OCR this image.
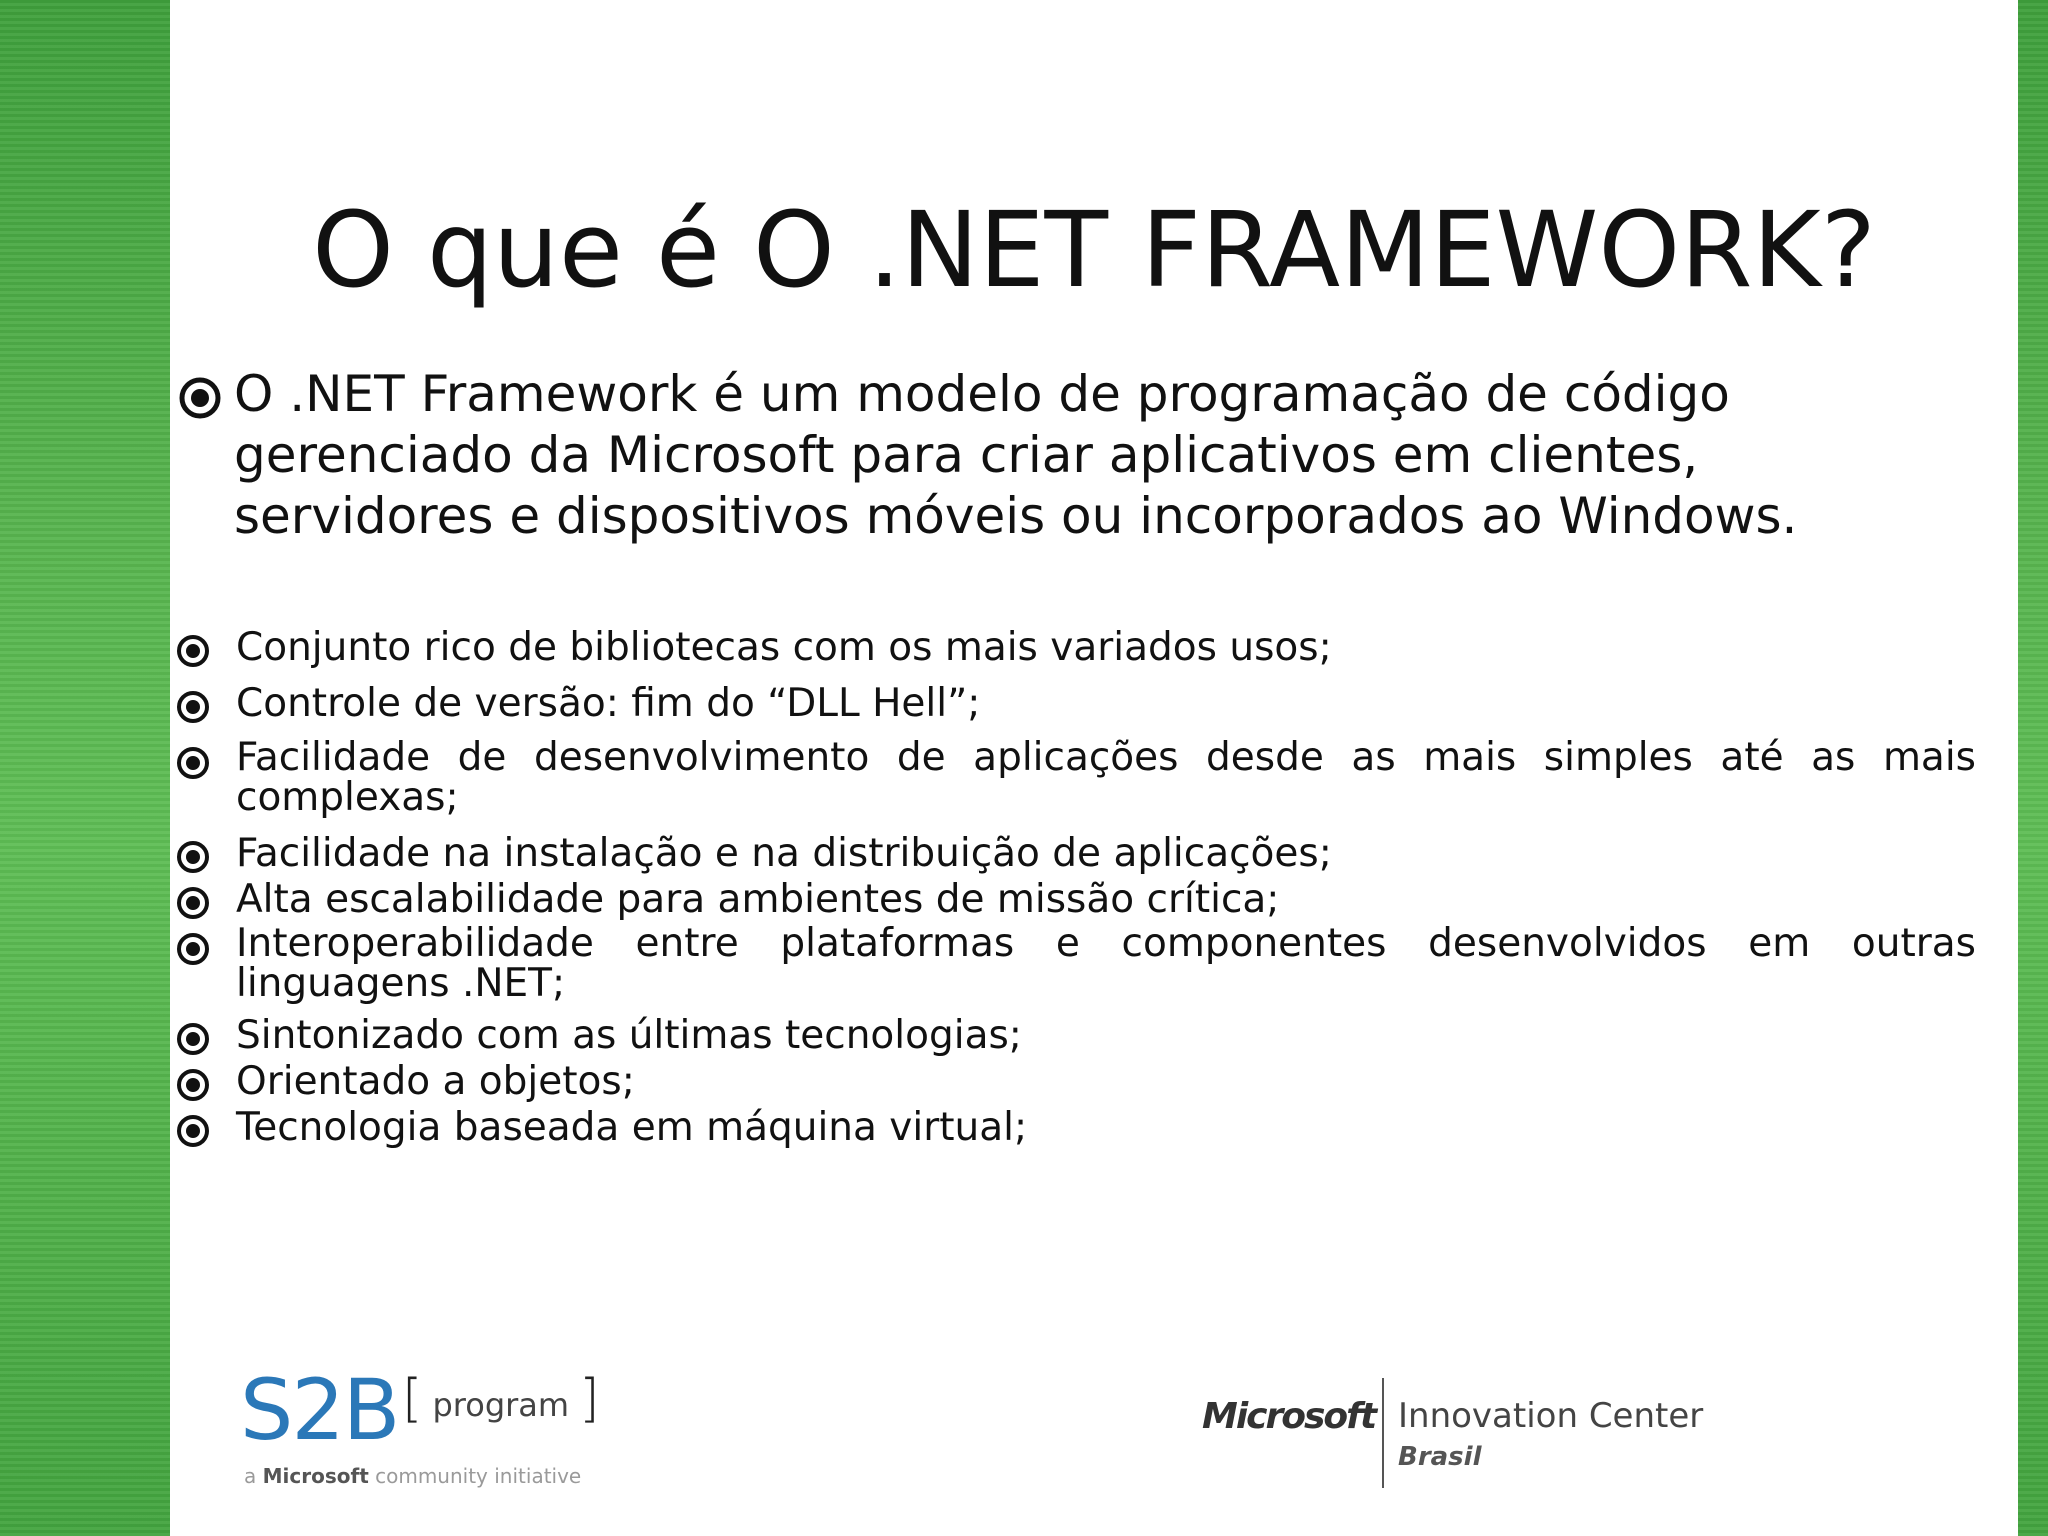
O que é O .NET FRAMEWORK?
O .NET Framework é um modelo de programação de código
gerenciado da Microsoft para criar aplicativos em clientes,
servidores e dispositivos móveis ou incorporados ao Windows.
Conjunto rico de bibliotecas com os mais variados usos;
Controle de versão: fim do “DLL Hell”;
Facilidade de desenvolvimento de aplicações desde as mais simples até as mais complexas;
Facilidade na instalação e na distribuição de aplicações;
Alta escalabilidade para ambientes de missão crítica;
Interoperabilidade entre plataformas e componentes desenvolvidos em outras linguagens .NET;
Sintonizado com as últimas tecnologias;
Orientado a objetos;
Tecnologia baseada em máquina virtual;
S2B [ program ]
a Microsoft community initiative
Microsoft Innovation Center
Brasil
